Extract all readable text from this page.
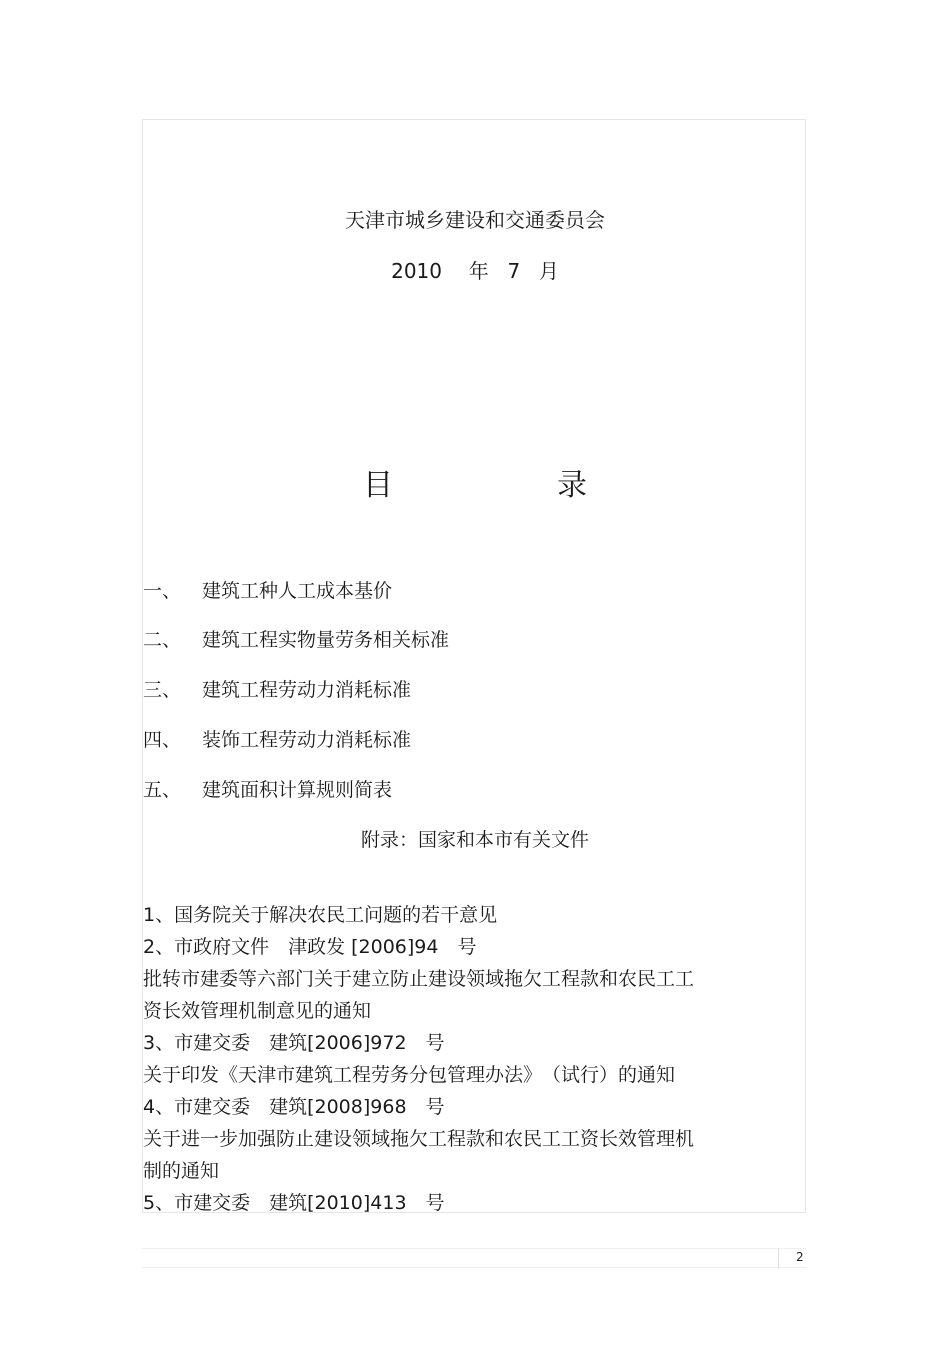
天津市城乡建设和交通委员会
2010 年 7 月
目	录
一、 建筑工种人工成本基价
二、 建筑工程实物量劳务相关标准
三、 建筑工程劳动力消耗标准
四、 装饰工程劳动力消耗标准
五、 建筑面积计算规则简表
附录：国家和本市有关文件
1、国务院关于解决农民工问题的若干意见
2、市政府文件　津政发 [2006]94　号
批转市建委等六部门关于建立防止建设领域拖欠工程款和农民工工
资长效管理机制意见的通知
3、市建交委　建筑[2006]972　号
关于印发《天津市建筑工程劳务分包管理办法》　（试行）的通知
4、市建交委　建筑[2008]968　号
关于进一步加强防止建设领域拖欠工程款和农民工工资长效管理机
制的通知
5、市建交委　建筑[2010]413　号
2
